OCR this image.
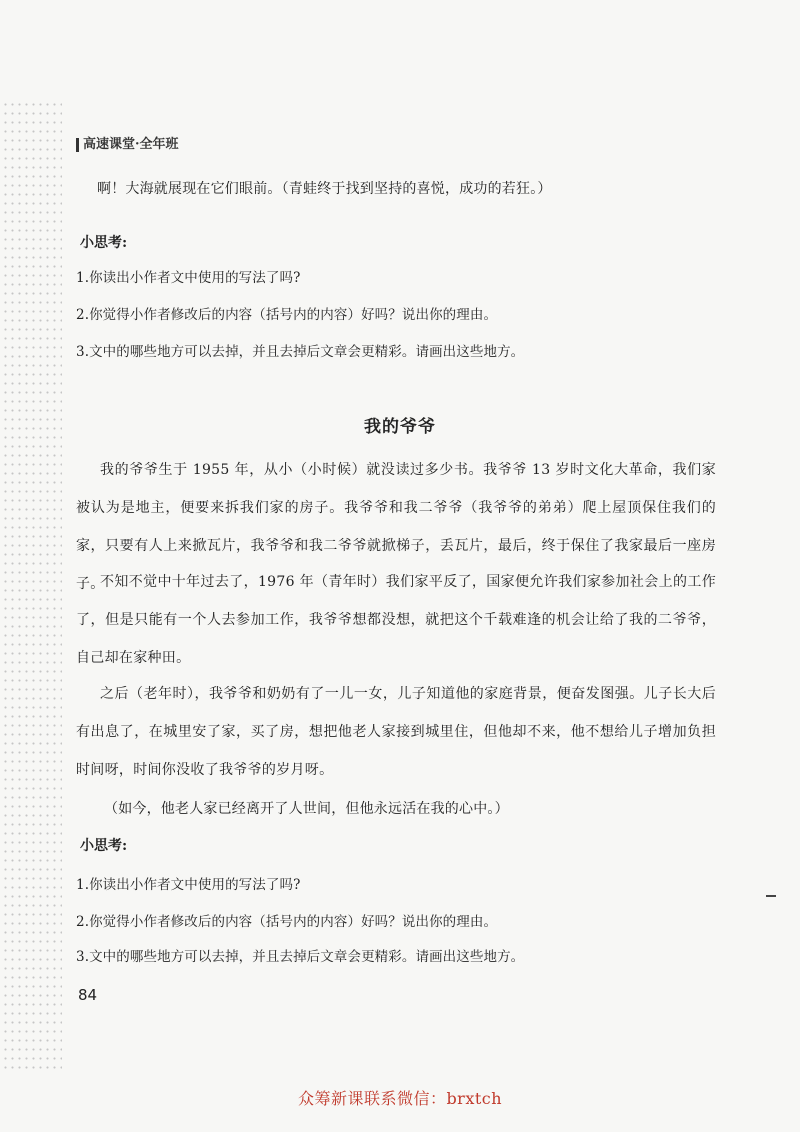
高速课堂·全年班
啊！大海就展现在它们眼前。（青蛙终于找到坚持的喜悦，成功的若狂。）
小思考:
1.你读出小作者文中使用的写法了吗?
2.你觉得小作者修改后的内容（括号内的内容）好吗？说出你的理由。
3.文中的哪些地方可以去掉，并且去掉后文章会更精彩。请画出这些地方。
我的爷爷
我的爷爷生于 1955 年，从小（小时候）就没读过多少书。我爷爷 13 岁时文化大革命，我们家被认为是地主，便要来拆我们家的房子。我爷爷和我二爷爷（我爷爷的弟弟）爬上屋顶保住我们的家，只要有人上来掀瓦片，我爷爷和我二爷爷就掀梯子，丢瓦片，最后，终于保住了我家最后一座房子。
不知不觉中十年过去了，1976 年（青年时）我们家平反了，国家便允许我们家参加社会上的工作了，但是只能有一个人去参加工作，我爷爷想都没想，就把这个千载难逢的机会让给了我的二爷爷，自己却在家种田。
之后（老年时），我爷爷和奶奶有了一儿一女，儿子知道他的家庭背景，便奋发图强。儿子长大后有出息了，在城里安了家，买了房，想把他老人家接到城里住，但他却不来，他不想给儿子增加负担时间呀，时间你没收了我爷爷的岁月呀。
（如今，他老人家已经离开了人世间，但他永远活在我的心中。）
小思考:
1.你读出小作者文中使用的写法了吗?
2.你觉得小作者修改后的内容（括号内的内容）好吗？说出你的理由。
3.文中的哪些地方可以去掉，并且去掉后文章会更精彩。请画出这些地方。
84
众筹新课联系微信：brxtch
